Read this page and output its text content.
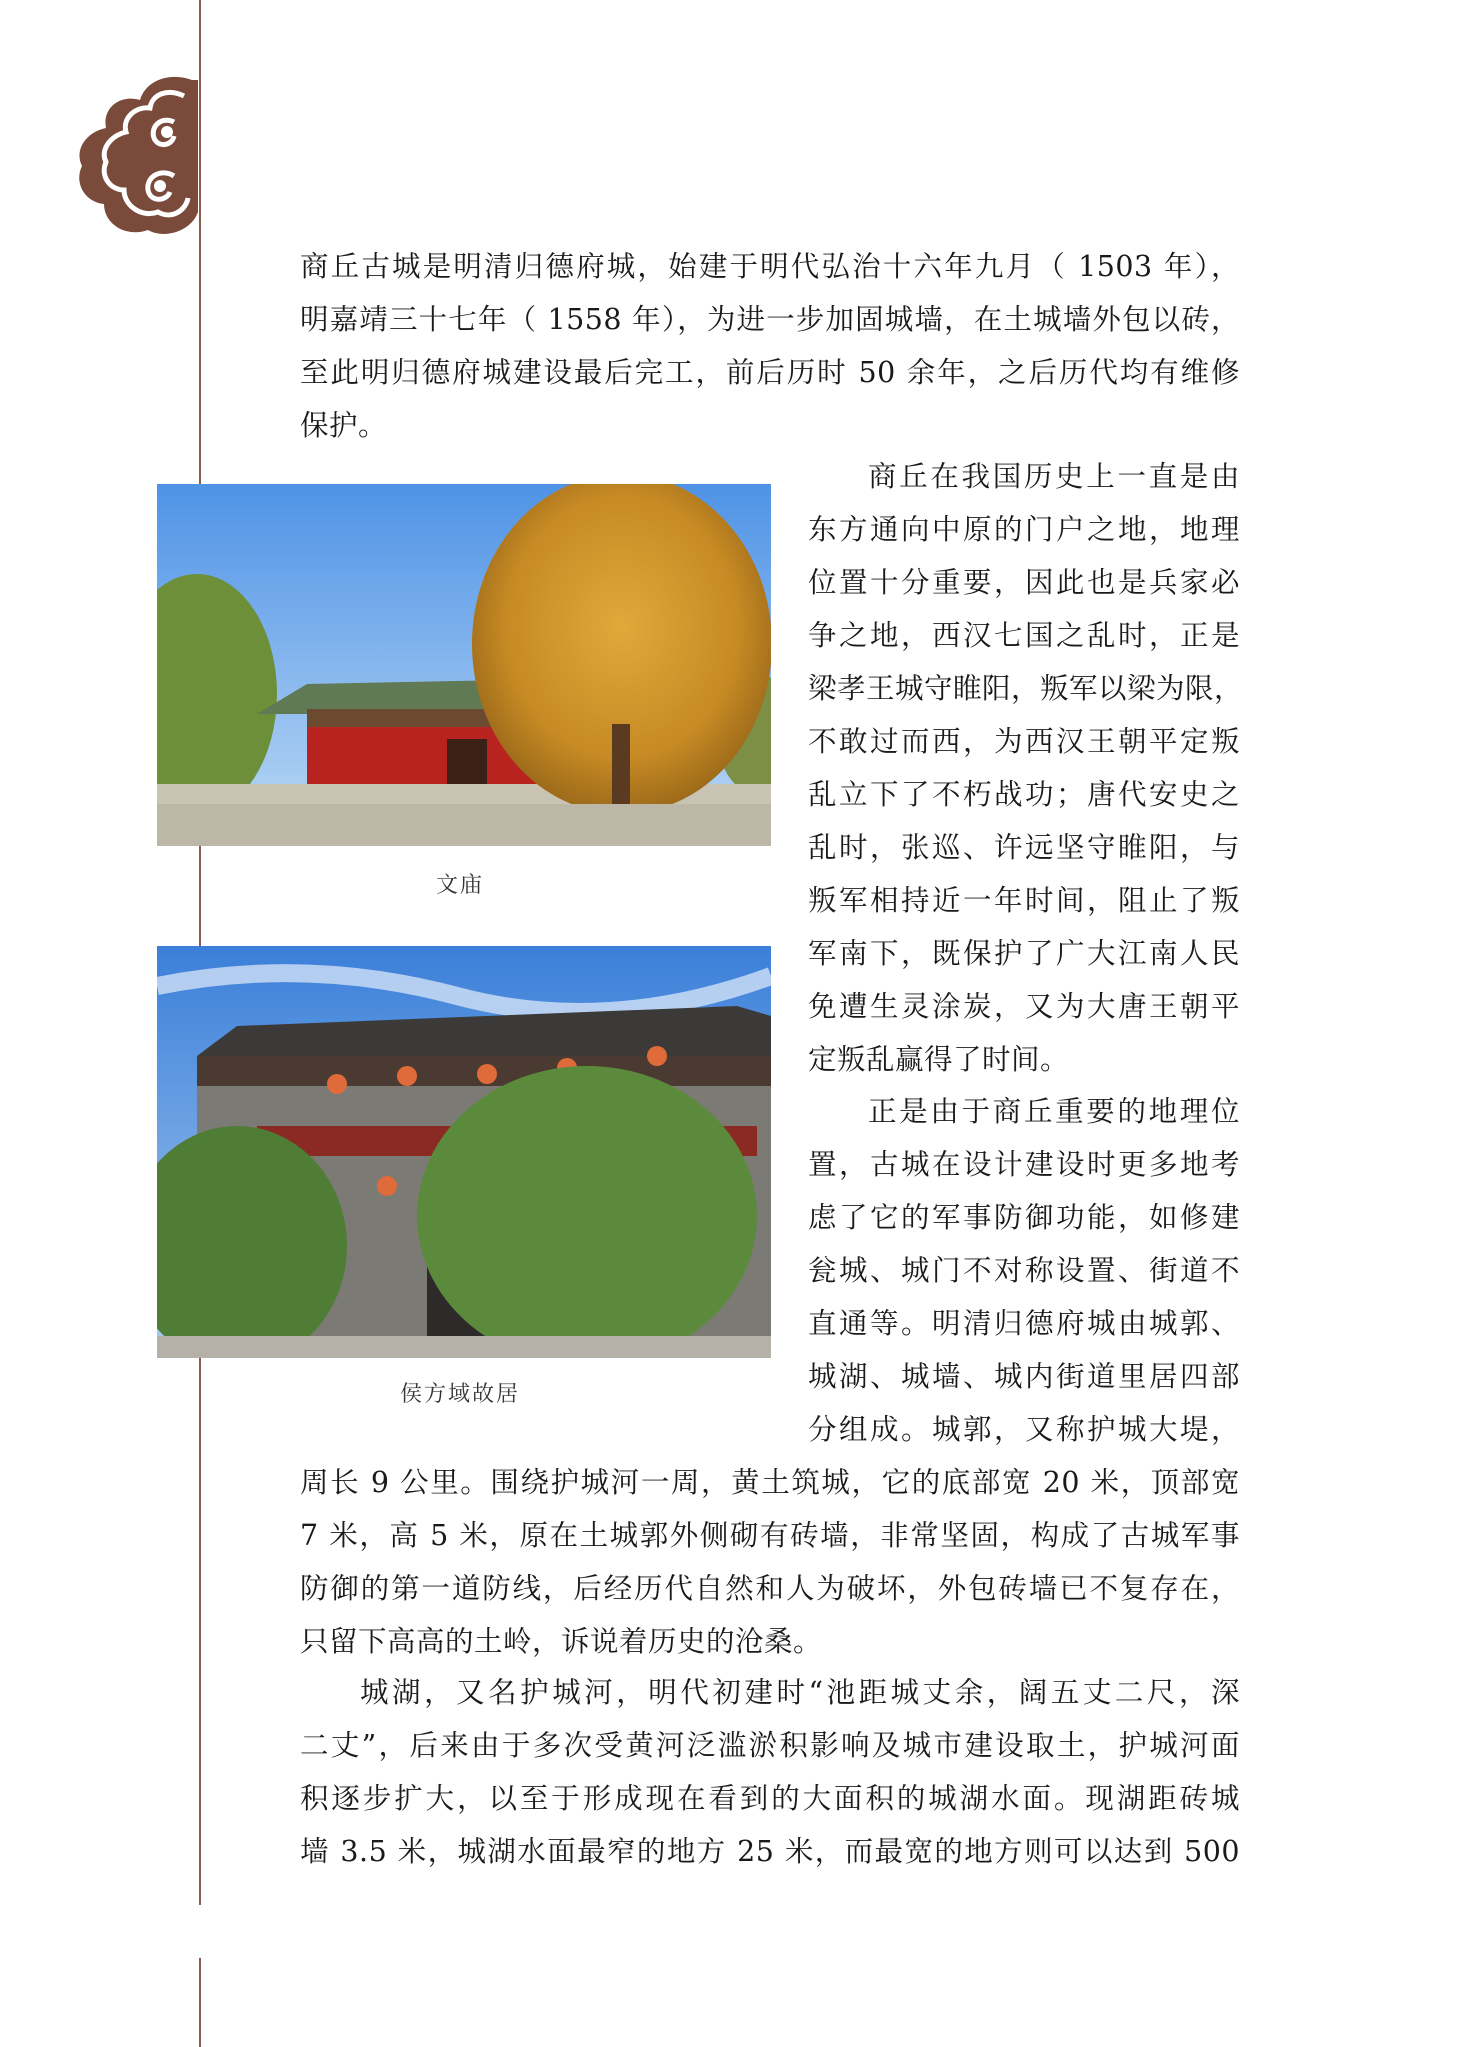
商丘古城是明清归德府城，始建于明代弘治十六年九月（ 1503 年），
明嘉靖三十七年（ 1558 年），为进一步加固城墙，在土城墙外包以砖，
至此明归德府城建设最后完工，前后历时 50 余年，之后历代均有维修
保护。
文庙
侯方域故居
商丘在我国历史上一直是由
东方通向中原的门户之地，地理
位置十分重要，因此也是兵家必
争之地，西汉七国之乱时，正是
梁孝王城守睢阳，叛军以梁为限，
不敢过而西，为西汉王朝平定叛
乱立下了不朽战功；唐代安史之
乱时，张巡、许远坚守睢阳，与
叛军相持近一年时间，阻止了叛
军南下，既保护了广大江南人民
免遭生灵涂炭，又为大唐王朝平
定叛乱赢得了时间。
正是由于商丘重要的地理位
置，古城在设计建设时更多地考
虑了它的军事防御功能，如修建
瓮城、城门不对称设置、街道不
直通等。明清归德府城由城郭、
城湖、城墙、城内街道里居四部
分组成。城郭，又称护城大堤，
周长 9 公里。围绕护城河一周，黄土筑城，它的底部宽 20 米，顶部宽
7 米，高 5 米，原在土城郭外侧砌有砖墙，非常坚固，构成了古城军事
防御的第一道防线，后经历代自然和人为破坏，外包砖墙已不复存在，
只留下高高的土岭，诉说着历史的沧桑。
城湖，又名护城河，明代初建时“池距城丈余，阔五丈二尺，深
二丈”，后来由于多次受黄河泛滥淤积影响及城市建设取土，护城河面
积逐步扩大，以至于形成现在看到的大面积的城湖水面。现湖距砖城
墙 3.5 米，城湖水面最窄的地方 25 米，而最宽的地方则可以达到 500
